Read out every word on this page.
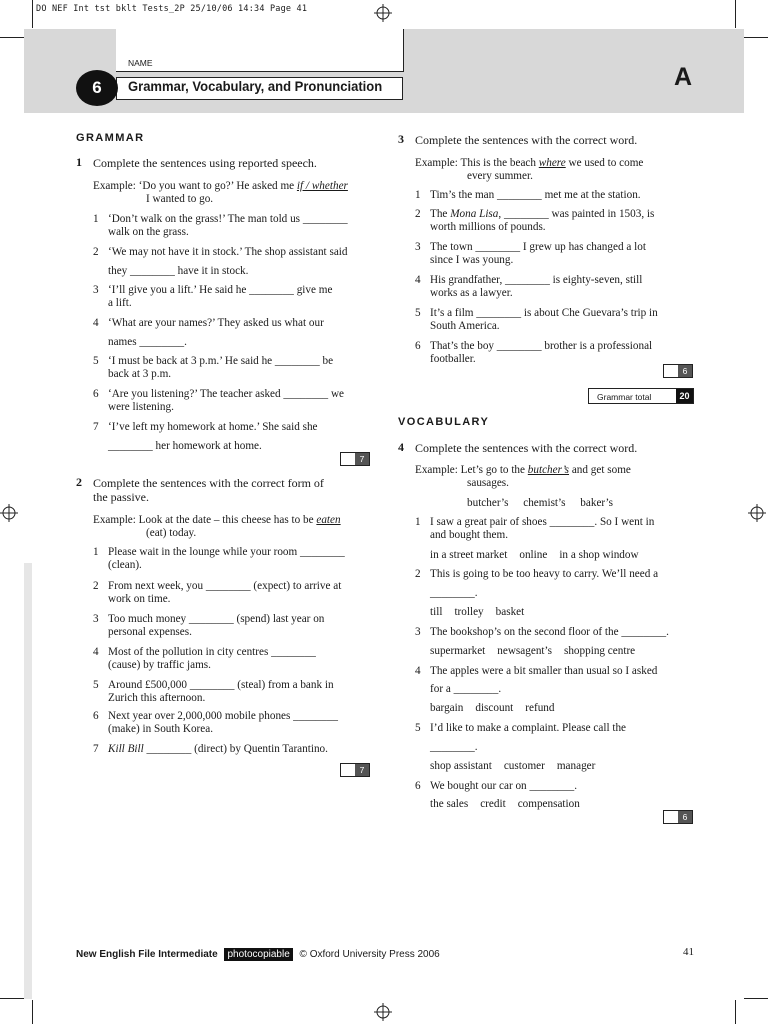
DO NEF Int tst bklt Tests_2P 25/10/06 14:34 Page 41
NAME
Grammar, Vocabulary, and Pronunciation
6	A
GRAMMAR
1 Complete the sentences using reported speech.
Example: ‘Do you want to go?’ He asked me if / whether
I wanted to go.
1 ‘Don’t walk on the grass!’ The man told us ________
walk on the grass.
2 ‘We may not have it in stock.’ The shop assistant said
they ________ have it in stock.
3 ‘I’ll give you a lift.’ He said he ________ give me
a lift.
4 ‘What are your names?’ They asked us what our
names ________.
5 ‘I must be back at 3 p.m.’ He said he ________ be
back at 3 p.m.
6 ‘Are you listening?’ The teacher asked ________ we
were listening.
7 ‘I’ve left my homework at home.’ She said she
________ her homework at home.
7
2 Complete the sentences with the correct form of
the passive.
Example: Look at the date – this cheese has to be eaten
(eat) today.
1 Please wait in the lounge while your room ________
(clean).
2 From next week, you ________ (expect) to arrive at
work on time.
3 Too much money ________ (spend) last year on
personal expenses.
4 Most of the pollution in city centres ________
(cause) by traffic jams.
5 Around £500,000 ________ (steal) from a bank in
Zurich this afternoon.
6 Next year over 2,000,000 mobile phones ________
(make) in South Korea.
7 Kill Bill ________ (direct) by Quentin Tarantino.
7
3 Complete the sentences with the correct word.
Example: This is the beach where we used to come
every summer.
2 The Mona Lisa, ________ was painted in 1503, is
worth millions of pounds.
1 Tim’s the man ________ met me at the station.
3 The town ________ I grew up has changed a lot
since I was young.
4 His grandfather, ________ is eighty-seven, still
works as a lawyer.
5 It’s a film ________ is about Che Guevara’s trip in
South America.
6 That’s the boy ________ brother is a professional
footballer.
6
Grammar total	20
VOCABULARY
4 Complete the sentences with the correct word.
Example: Let’s go to the butcher’s and get some
sausages.
butcher’s chemist’s baker’s
1 I saw a great pair of shoes ________. So I went in
and bought them.
in a street market online in a shop window
2 This is going to be too heavy to carry. We’ll need a
________.
till trolley basket
3 The bookshop’s on the second floor of the ________.
supermarket newsagent’s shopping centre
4 The apples were a bit smaller than usual so I asked
for a ________.
bargain discount refund
5 I’d like to make a complaint. Please call the
________.
shop assistant customer manager
6 We bought our car on ________.
the sales credit compensation
6
New English File Intermediate photocopiable © Oxford University Press 2006	41
